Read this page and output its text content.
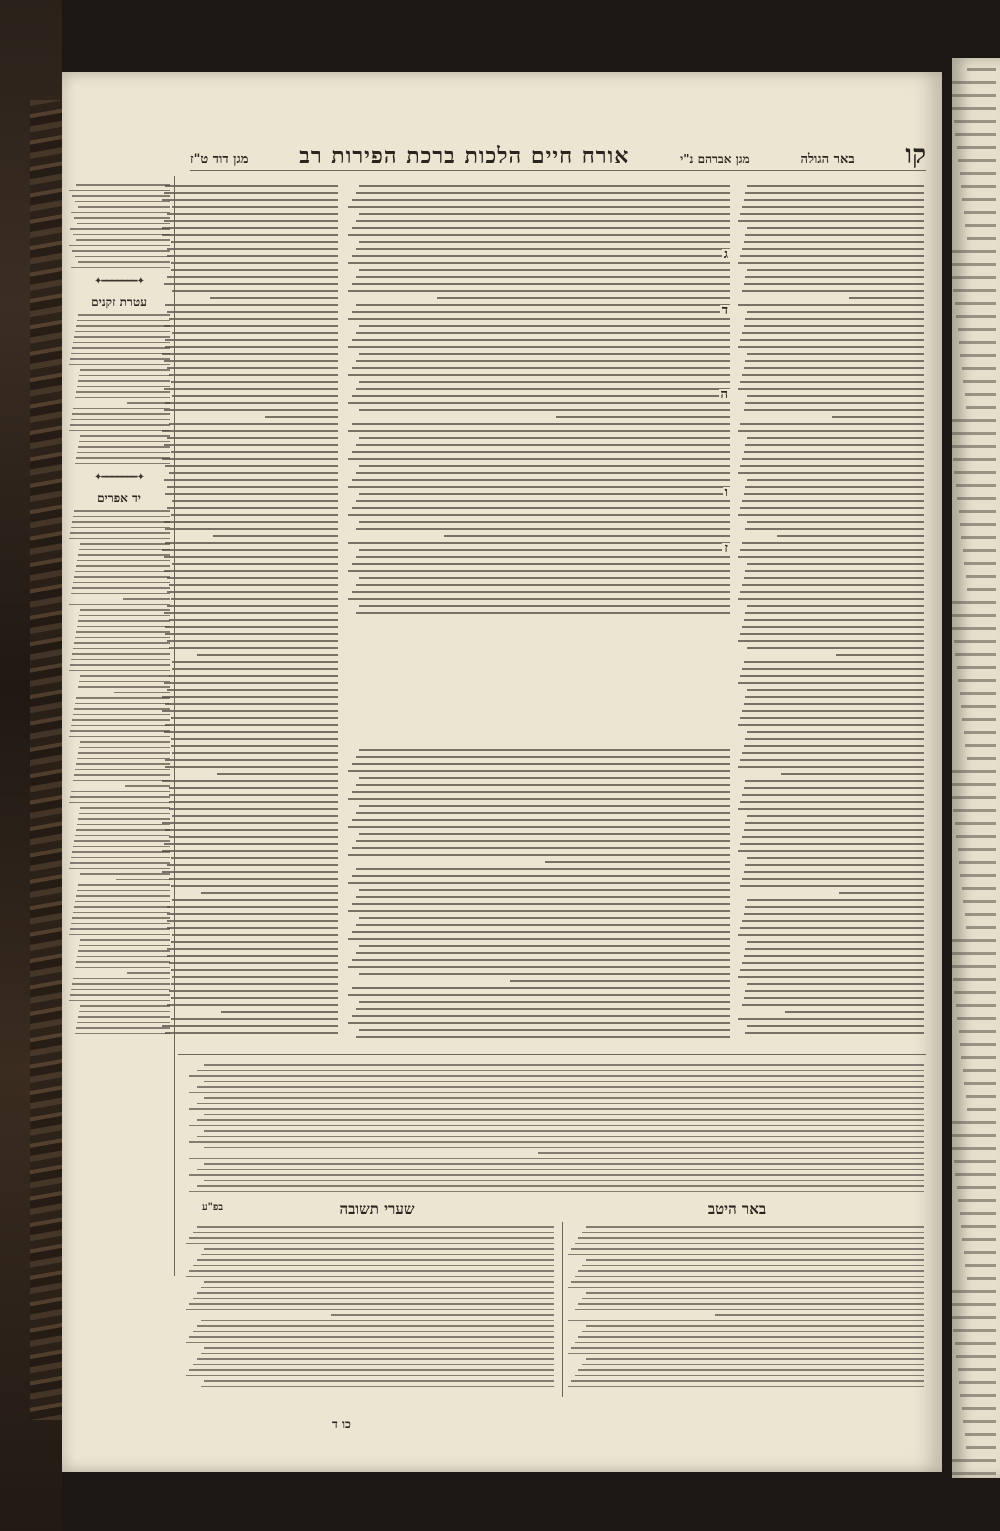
קו
באר הגולה
מגן אברהם נ"י
אורח חיים הלכות ברכת הפירות רב
מגן דוד ט"ז
ג
ד
ה
ו
ז
✦━━━━━━━✦
עטרת זקנים
✦━━━━━━━✦
יד אפרים
באר היטב
שערי תשובה
כו ד
בפ"ע
